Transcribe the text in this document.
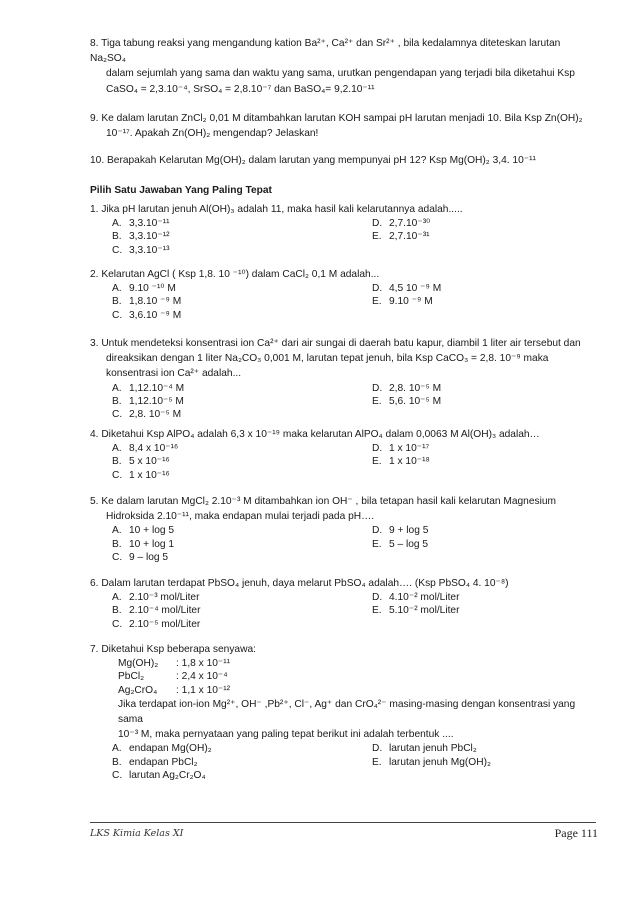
8. Tiga tabung reaksi yang mengandung kation Ba²⁺, Ca²⁺ dan Sr²⁺ , bila kedalamnya diteteskan larutan Na₂SO₄

dalam sejumlah yang sama dan waktu yang sama, urutkan pengendapan yang terjadi bila diketahui Ksp

CaSO₄ = 2,3.10⁻⁴, SrSO₄ = 2,8.10⁻⁷ dan BaSO₄= 9,2.10⁻¹¹

9. Ke dalam larutan ZnCl₂ 0,01 M ditambahkan larutan KOH sampai pH larutan menjadi 10. Bila Ksp Zn(OH)₂

10⁻¹⁷. Apakah Zn(OH)₂ mengendap? Jelaskan!

10. Berapakah Kelarutan Mg(OH)₂ dalam larutan yang mempunyai pH 12? Ksp Mg(OH)₂ 3,4. 10⁻¹¹

Pilih Satu Jawaban Yang Paling Tepat

1. Jika pH larutan jenuh Al(OH)₃ adalah 11, maka hasil kali kelarutannya adalah.....

A. 3,3.10⁻¹¹	D. 2,7.10⁻³⁰
B. 3,3.10⁻¹²	E. 2,7.10⁻³¹
C. 3,3.10⁻¹³

2. Kelarutan AgCl ( Ksp 1,8. 10 ⁻¹⁰) dalam CaCl₂ 0,1 M adalah...

A. 9.10 ⁻¹⁰ M	D. 4,5 10 ⁻⁹ M
B. 1,8.10 ⁻⁹ M	E. 9.10 ⁻⁹ M
C. 3,6.10 ⁻⁹ M

3. Untuk mendeteksi konsentrasi ion Ca²⁺ dari air sungai di daerah batu kapur, diambil 1 liter air tersebut dan

direaksikan dengan 1 liter Na₂CO₃ 0,001 M, larutan tepat jenuh, bila Ksp CaCO₃ = 2,8. 10⁻⁹ maka

konsentrasi ion Ca²⁺ adalah...

A. 1,12.10⁻⁴ M	D. 2,8. 10⁻⁵ M
B. 1,12.10⁻⁵ M	E. 5,6. 10⁻⁵ M
C. 2,8. 10⁻⁵ M

4. Diketahui Ksp AlPO₄ adalah 6,3 x 10⁻¹⁹ maka kelarutan AlPO₄ dalam 0,0063 M Al(OH)₃ adalah…

A. 8,4 x 10⁻¹⁶	D. 1 x 10⁻¹⁷
B. 5 x 10⁻¹⁶	E. 1 x 10⁻¹⁸
C. 1 x 10⁻¹⁶

5. Ke dalam larutan MgCl₂ 2.10⁻³ M ditambahkan ion OH⁻ , bila tetapan hasil kali kelarutan Magnesium

Hidroksida 2.10⁻¹¹, maka endapan mulai terjadi pada pH….

A. 10 + log 5	D. 9 + log 5
B. 10 + log 1	E. 5 – log 5
C. 9 – log 5

6. Dalam larutan terdapat PbSO₄ jenuh, daya melarut PbSO₄ adalah…. (Ksp PbSO₄ 4. 10⁻⁸)

A. 2.10⁻³ mol/Liter	D. 4.10⁻² mol/Liter
B. 2.10⁻⁴ mol/Liter	E. 5.10⁻² mol/Liter
C. 2.10⁻⁵ mol/Liter

7. Diketahui Ksp beberapa senyawa:

Mg(OH)₂ : 1,8 x 10⁻¹¹
PbCl₂	: 2,4 x 10⁻⁴
Ag₂CrO₄ : 1,1 x 10⁻¹²

Jika terdapat ion-ion Mg²⁺, OH⁻ ,Pb²⁺, Cl⁻, Ag⁺ dan CrO₄²⁻ masing-masing dengan konsentrasi yang sama

10⁻³ M, maka pernyataan yang paling tepat berikut ini adalah terbentuk ....

A. endapan Mg(OH)₂	D. larutan jenuh PbCl₂
B. endapan PbCl₂	E. larutan jenuh Mg(OH)₂
C. larutan Ag₂Cr₂O₄
LKS Kimia Kelas XI	Page 111
